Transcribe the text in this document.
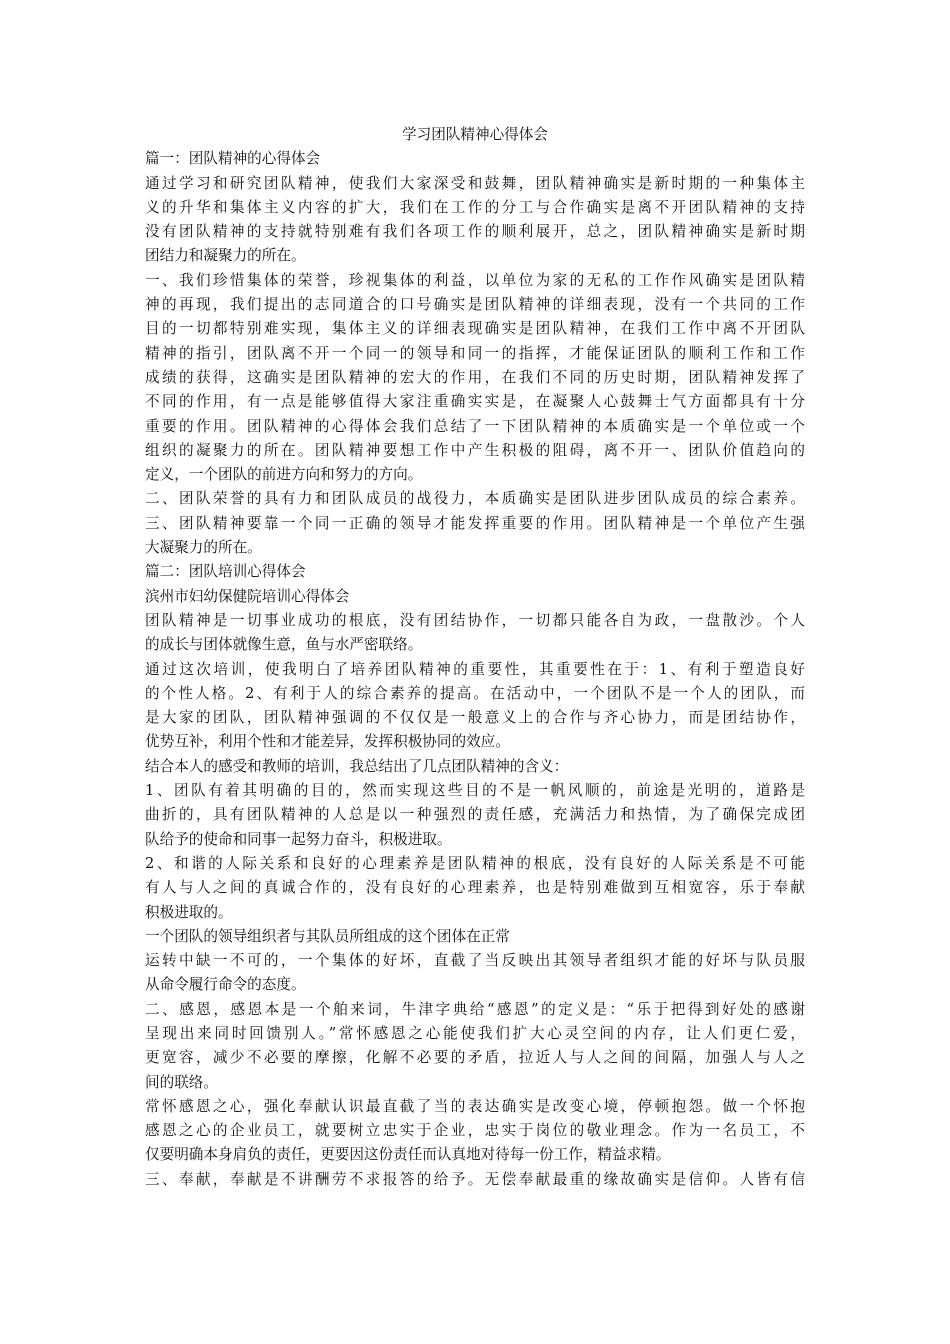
学习团队精神心得体会

篇一：团队精神的心得体会
通过学习和研究团队精神，使我们大家深受和鼓舞，团队精神确实是新时期的一种集体主
义的升华和集体主义内容的扩大，我们在工作的分工与合作确实是离不开团队精神的支持
没有团队精神的支持就特别难有我们各项工作的顺利展开，总之，团队精神确实是新时期
团结力和凝聚力的所在。
一、我们珍惜集体的荣誉，珍视集体的利益，以单位为家的无私的工作作风确实是团队精
神的再现，我们提出的志同道合的口号确实是团队精神的详细表现，没有一个共同的工作
目的一切都特别难实现，集体主义的详细表现确实是团队精神，在我们工作中离不开团队
精神的指引，团队离不开一个同一的领导和同一的指挥，才能保证团队的顺利工作和工作
成绩的获得，这确实是团队精神的宏大的作用，在我们不同的历史时期，团队精神发挥了
不同的作用，有一点是能够值得大家注重确实实是，在凝聚人心鼓舞士气方面都具有十分
重要的作用。团队精神的心得体会我们总结了一下团队精神的本质确实是一个单位或一个
组织的凝聚力的所在。团队精神要想工作中产生积极的阻碍，离不开一、团队价值趋向的
定义，一个团队的前进方向和努力的方向。
二、团队荣誉的具有力和团队成员的战役力，本质确实是团队进步团队成员的综合素养。
三、团队精神要靠一个同一正确的领导才能发挥重要的作用。团队精神是一个单位产生强
大凝聚力的所在。
篇二：团队培训心得体会
滨州市妇幼保健院培训心得体会
团队精神是一切事业成功的根底，没有团结协作，一切都只能各自为政，一盘散沙。个人
的成长与团体就像生意，鱼与水严密联络。
通过这次培训，使我明白了培养团队精神的重要性，其重要性在于：1、有利于塑造良好
的个性人格。2、有利于人的综合素养的提高。在活动中，一个团队不是一个人的团队，而
是大家的团队，团队精神强调的不仅仅是一般意义上的合作与齐心协力，而是团结协作，
优势互补，利用个性和才能差异，发挥积极协同的效应。
结合本人的感受和教师的培训，我总结出了几点团队精神的含义：
1、团队有着其明确的目的，然而实现这些目的不是一帆风顺的，前途是光明的，道路是
曲折的，具有团队精神的人总是以一种强烈的责任感，充满活力和热情，为了确保完成团
队给予的使命和同事一起努力奋斗，积极进取。
2、和谐的人际关系和良好的心理素养是团队精神的根底，没有良好的人际关系是不可能
有人与人之间的真诚合作的，没有良好的心理素养，也是特别难做到互相宽容，乐于奉献
积极进取的。
一个团队的领导组织者与其队员所组成的这个团体在正常
运转中缺一不可的，一个集体的好坏，直截了当反映出其领导者组织才能的好坏与队员服
从命令履行命令的态度。
二、感恩，感恩本是一个舶来词，牛津字典给“感恩”的定义是：“乐于把得到好处的感谢
呈现出来同时回馈别人。”常怀感恩之心能使我们扩大心灵空间的内存，让人们更仁爱，
更宽容，减少不必要的摩擦，化解不必要的矛盾，拉近人与人之间的间隔，加强人与人之
间的联络。
常怀感恩之心，强化奉献认识最直截了当的表达确实是改变心境，停顿抱怨。做一个怀抱
感恩之心的企业员工，就要树立忠实于企业，忠实于岗位的敬业理念。作为一名员工，不
仅要明确本身肩负的责任，更要因这份责任而认真地对待每一份工作，精益求精。
三、奉献，奉献是不讲酬劳不求报答的给予。无偿奉献最重的缘故确实是信仰。人皆有信
